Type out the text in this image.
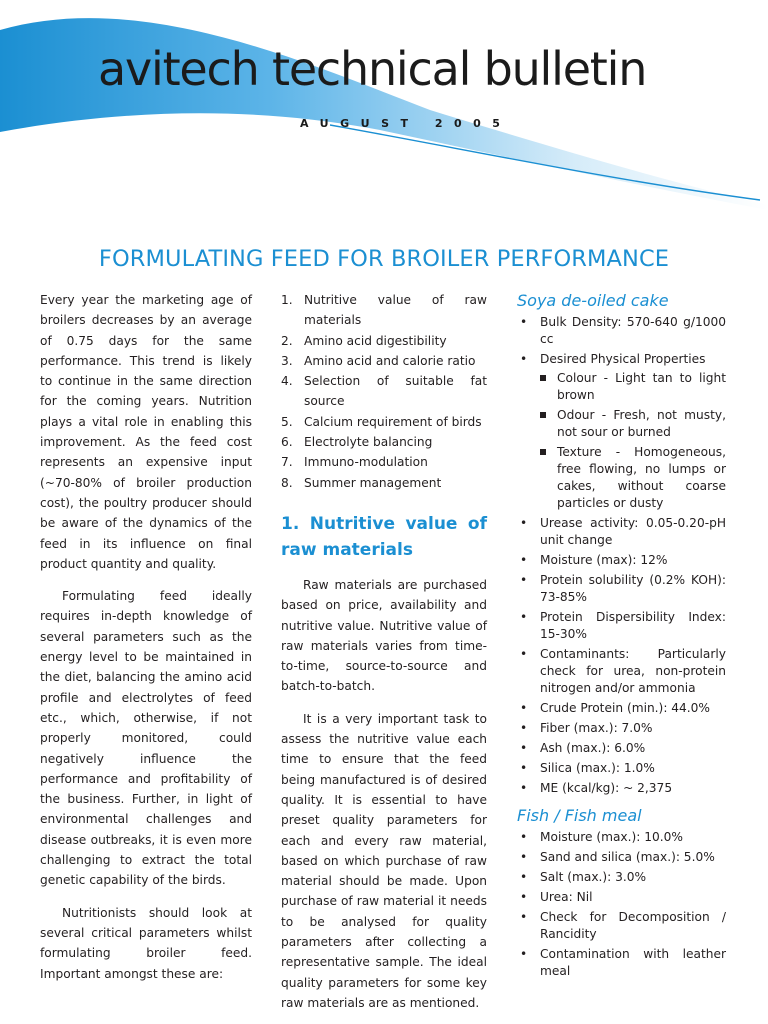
avitech technical bulletin
AUGUST 2005
FORMULATING FEED FOR BROILER PERFORMANCE

Every year the marketing age of broilers decreases by an average of 0.75 days for the same performance. This trend is likely to continue in the same direction for the coming years. Nutrition plays a vital role in enabling this improvement. As the feed cost represents an expensive input (~70-80% of broiler production cost), the poultry producer should be aware of the dynamics of the feed in its influence on final product quantity and quality.

Formulating feed ideally requires in-depth knowledge of several parameters such as the energy level to be maintained in the diet, balancing the amino acid profile and electrolytes of feed etc., which, otherwise, if not properly monitored, could negatively influence the performance and profitability of the business. Further, in light of environmental challenges and disease outbreaks, it is even more challenging to extract the total genetic capability of the birds.

Nutritionists should look at several critical parameters whilst formulating broiler feed. Important amongst these are:

1. Nutritive value of raw materials
2. Amino acid digestibility
3. Amino acid and calorie ratio
4. Selection of suitable fat source
5. Calcium requirement of birds
6. Electrolyte balancing
7. Immuno-modulation
8. Summer management
1. Nutritive value of raw materials

Raw materials are purchased based on price, availability and nutritive value. Nutritive value of raw materials varies from time-to-time, source-to-source and batch-to-batch.

It is a very important task to assess the nutritive value each time to ensure that the feed being manufactured is of desired quality. It is essential to have preset quality parameters for each and every raw material, based on which purchase of raw material should be made. Upon purchase of raw material it needs to be analysed for quality parameters after collecting a representative sample. The ideal quality parameters for some key raw materials are as mentioned.

Soya de-oiled cake
• Bulk Density: 570-640 g/1000 cc
• Desired Physical Properties
Colour - Light tan to light brown
Odour - Fresh, not musty, not sour or burned
Texture - Homogeneous, free flowing, no lumps or cakes, without coarse particles or dusty
• Urease activity: 0.05-0.20-pH unit change
• Moisture (max): 12%
• Protein solubility (0.2% KOH): 73-85%
• Protein Dispersibility Index: 15-30%
• Contaminants: Particularly check for urea, non-protein nitrogen and/or ammonia
• Crude Protein (min.): 44.0%
• Fiber (max.): 7.0%
• Ash (max.): 6.0%
• Silica (max.): 1.0%
• ME (kcal/kg): ~ 2,375
Fish / Fish meal
• Moisture (max.): 10.0%
• Sand and silica (max.): 5.0%
• Salt (max.): 3.0%
• Urea: Nil
• Check for Decomposition / Rancidity
• Contamination with leather meal
